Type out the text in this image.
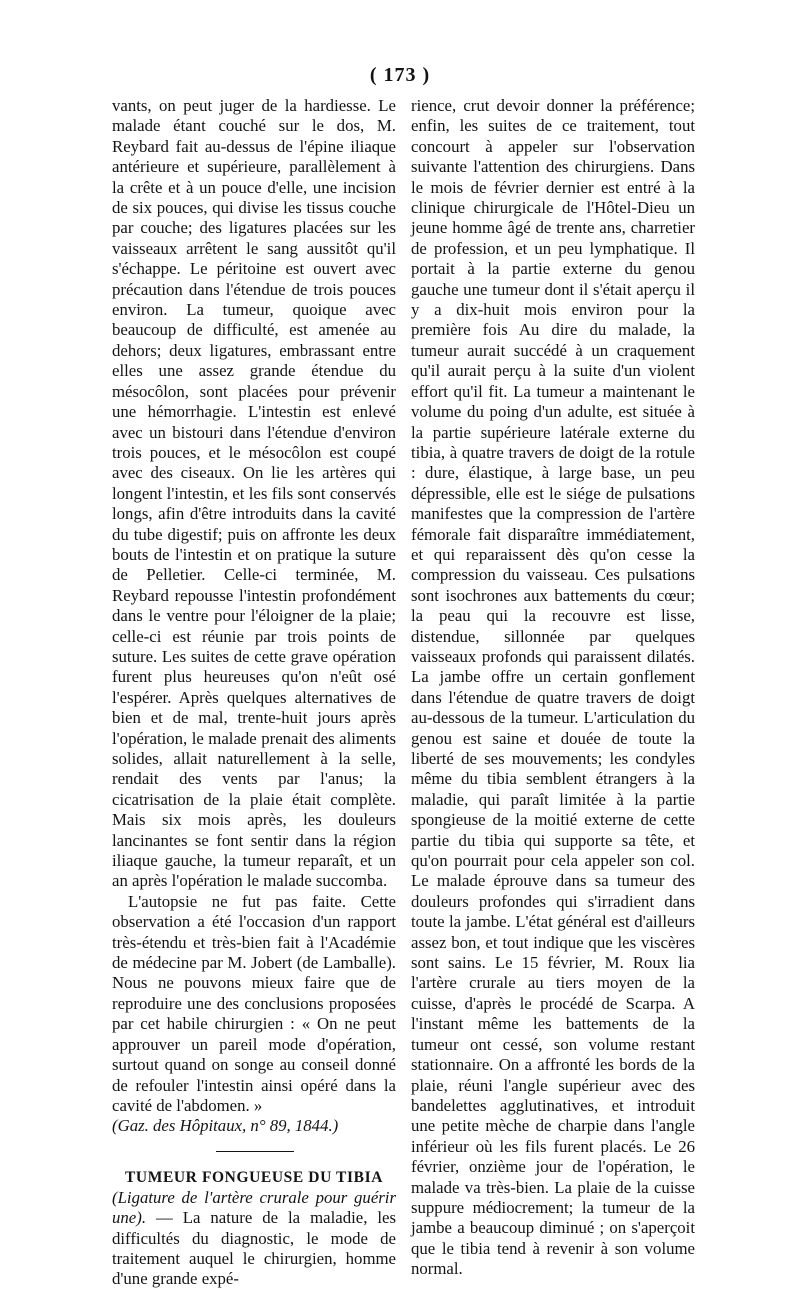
( 173 )

vants, on peut juger de la hardiesse. Le malade étant couché sur le dos, M. Reybard fait au-dessus de l'épine iliaque antérieure et supérieure, parallèlement à la crête et à un pouce d'elle, une incision de six pouces, qui divise les tissus couche par couche; des ligatures placées sur les vaisseaux arrêtent le sang aussitôt qu'il s'échappe. Le péritoine est ouvert avec précaution dans l'étendue de trois pouces environ. La tumeur, quoique avec beaucoup de difficulté, est amenée au dehors; deux ligatures, embrassant entre elles une assez grande étendue du mésocôlon, sont placées pour prévenir une hémorrhagie. L'intestin est enlevé avec un bistouri dans l'étendue d'environ trois pouces, et le mésocôlon est coupé avec des ciseaux. On lie les artères qui longent l'intestin, et les fils sont conservés longs, afin d'être introduits dans la cavité du tube digestif; puis on affronte les deux bouts de l'intestin et on pratique la suture de Pelletier. Celle-ci terminée, M. Reybard repousse l'intestin profondément dans le ventre pour l'éloigner de la plaie; celle-ci est réunie par trois points de suture. Les suites de cette grave opération furent plus heureuses qu'on n'eût osé l'espérer. Après quelques alternatives de bien et de mal, trente-huit jours après l'opération, le malade prenait des aliments solides, allait naturellement à la selle, rendait des vents par l'anus; la cicatrisation de la plaie était complète. Mais six mois après, les douleurs lancinantes se font sentir dans la région iliaque gauche, la tumeur reparaît, et un an après l'opération le malade succomba.

L'autopsie ne fut pas faite. Cette observation a été l'occasion d'un rapport très-étendu et très-bien fait à l'Académie de médecine par M. Jobert (de Lamballe). Nous ne pouvons mieux faire que de reproduire une des conclusions proposées par cet habile chirurgien : « On ne peut approuver un pareil mode d'opération, surtout quand on songe au conseil donné de refouler l'intestin ainsi opéré dans la cavité de l'abdomen. »

(Gaz. des Hôpitaux, n° 89, 1844.)

TUMEUR FONGUEUSE DU TIBIA

(Ligature de l'artère crurale pour guérir une). — La nature de la maladie, les difficultés du diagnostic, le mode de traitement auquel le chirurgien, homme d'une grande expé-

rience, crut devoir donner la préférence; enfin, les suites de ce traitement, tout concourt à appeler sur l'observation suivante l'attention des chirurgiens. Dans le mois de février dernier est entré à la clinique chirurgicale de l'Hôtel-Dieu un jeune homme âgé de trente ans, charretier de profession, et un peu lymphatique. Il portait à la partie externe du genou gauche une tumeur dont il s'était aperçu il y a dix-huit mois environ pour la première fois Au dire du malade, la tumeur aurait succédé à un craquement qu'il aurait perçu à la suite d'un violent effort qu'il fit. La tumeur a maintenant le volume du poing d'un adulte, est située à la partie supérieure latérale externe du tibia, à quatre travers de doigt de la rotule : dure, élastique, à large base, un peu dépressible, elle est le siége de pulsations manifestes que la compression de l'artère fémorale fait disparaître immédiatement, et qui reparaissent dès qu'on cesse la compression du vaisseau. Ces pulsations sont isochrones aux battements du cœur; la peau qui la recouvre est lisse, distendue, sillonnée par quelques vaisseaux profonds qui paraissent dilatés. La jambe offre un certain gonflement dans l'étendue de quatre travers de doigt au-dessous de la tumeur. L'articulation du genou est saine et douée de toute la liberté de ses mouvements; les condyles même du tibia semblent étrangers à la maladie, qui paraît limitée à la partie spongieuse de la moitié externe de cette partie du tibia qui supporte sa tête, et qu'on pourrait pour cela appeler son col. Le malade éprouve dans sa tumeur des douleurs profondes qui s'irradient dans toute la jambe. L'état général est d'ailleurs assez bon, et tout indique que les viscères sont sains. Le 15 février, M. Roux lia l'artère crurale au tiers moyen de la cuisse, d'après le procédé de Scarpa. A l'instant même les battements de la tumeur ont cessé, son volume restant stationnaire. On a affronté les bords de la plaie, réuni l'angle supérieur avec des bandelettes agglutinatives, et introduit une petite mèche de charpie dans l'angle inférieur où les fils furent placés. Le 26 février, onzième jour de l'opération, le malade va très-bien. La plaie de la cuisse suppure médiocrement; la tumeur de la jambe a beaucoup diminué ; on s'aperçoit que le tibia tend à revenir à son volume normal.
